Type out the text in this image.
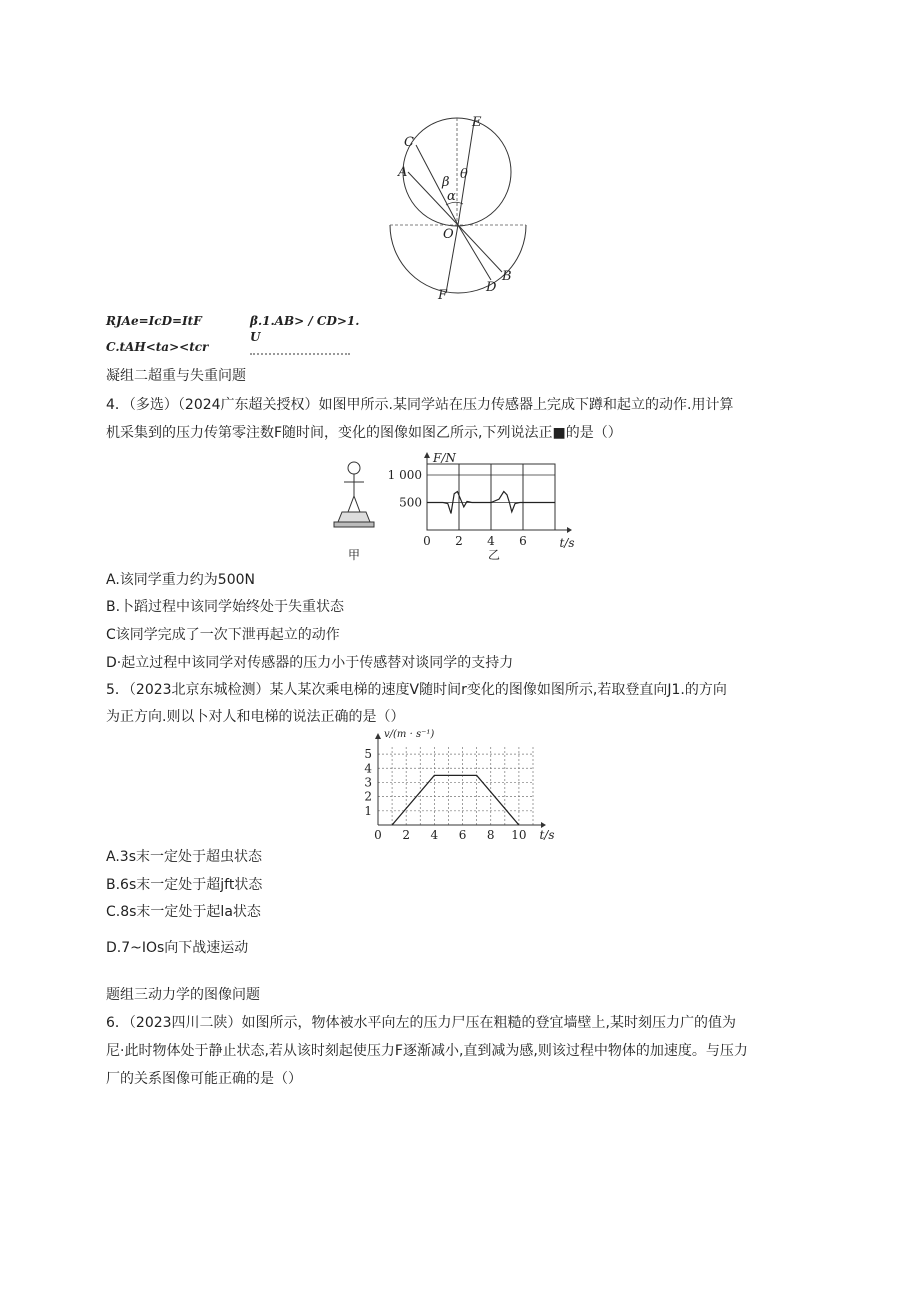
C
E
A
β
θ
α
O
B
D
F
RJAe=IcD=ItF	β.1.AB> / CD>1.
U
C.tAH<ta><tcr
凝组二超重与失重问题
4．（多选）（2024广东超关授权）如图甲所示.某同学站在压力传感器上完成下蹲和起立的动作.用计算
机采集到的压力传第零注数F随时间，变化的图像如图乙所示,下列说法正■的是（）
甲
0 2 4 6
500
1 000
F/N
t/s
乙
A.该同学重力约为500N
B.卜蹈过程中该同学始终处于失重状态
C该同学完成了一次下泄再起立的动作
D·起立过程中该同学对传感器的压力小于传感替对谈同学的支持力
5．（2023北京东城检测）某人某次乘电梯的速度V随时间r变化的图像如图所示,若取登直向J1.的方向
为正方向.则以卜对人和电梯的说法正确的是（）
0 2 4 6 8 10
1
2
3
4
5
v/(m · s⁻¹)
t/s
A.3s末一定处于超虫状态
B.6s末一定处于超jft状态
C.8s末一定处于起la状态
D.7~IOs向下战速运动
题组三动力学的图像问题
6．（2023四川二陕）如图所示，物体被水平向左的压力尸压在粗糙的登宜墙壁上,某时刻压力广的值为
尼·此时物体处于静止状态,若从该时刻起使压力F逐渐减小,直到减为感,则该过程中物体的加速度。与压力
厂的关系图像可能正确的是（）
